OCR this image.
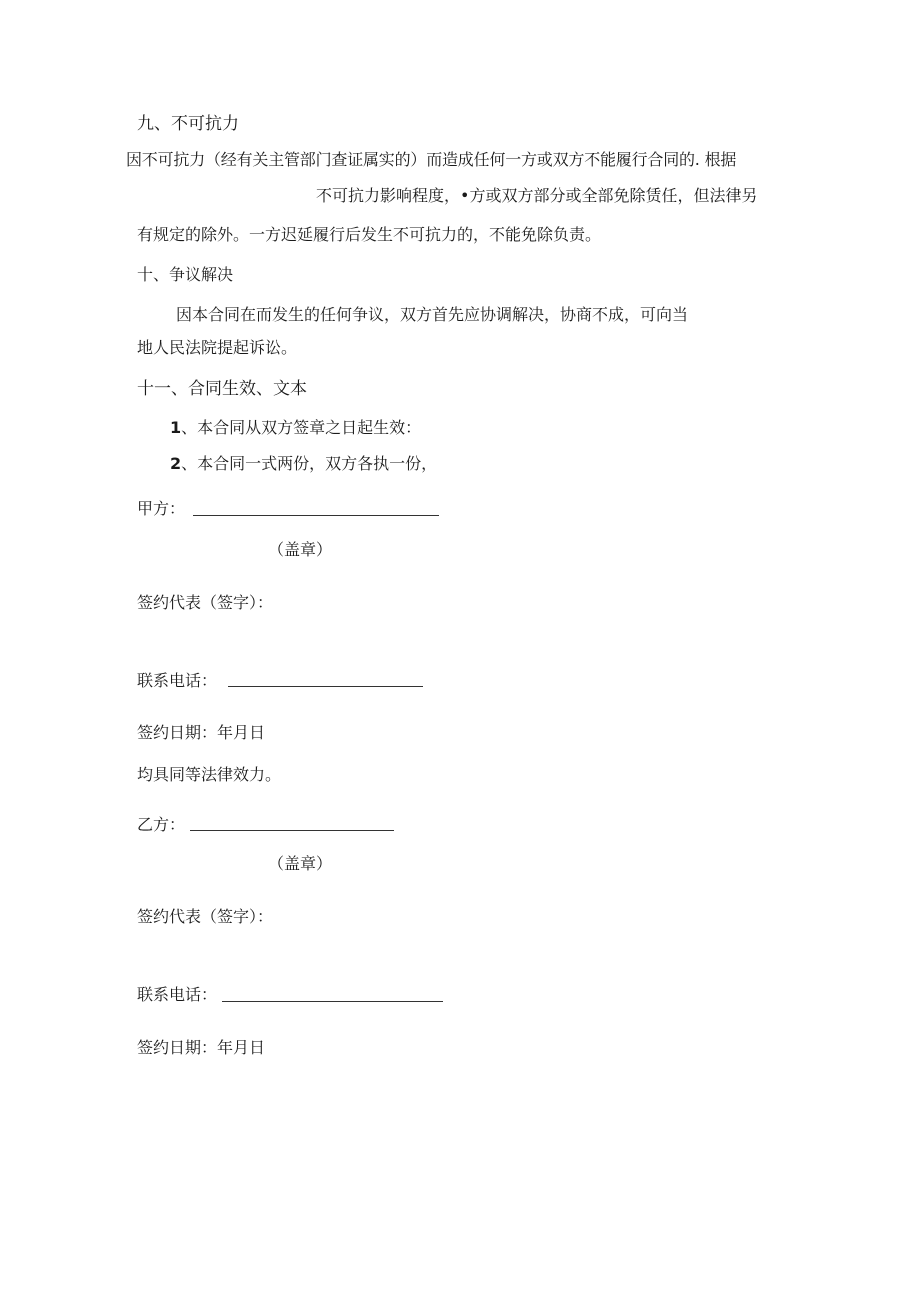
九、不可抗力
因不可抗力（经有关主管部门查证属实的）而造成任何一方或双方不能履行合同的. 根据
不可抗力影响程度，•方或双方部分或全部免除赁任，但法律另
有规定的除外。一方迟延履行后发生不可抗力的，不能免除负责。
十、争议解决
因本合同在而发生的任何争议，双方首先应协调解决，协商不成，可向当
地人民法院提起诉讼。
十一、合同生效、文本
1、本合同从双方签章之日起生效：
2、本合同一式两份，双方各执一份，
甲方：
（盖章）
签约代表（签字）：
联系电话：
签约日期：年月日
均具同等法律效力。
乙方：
（盖章）
签约代表（签字）：
联系电话：
签约日期：年月日
